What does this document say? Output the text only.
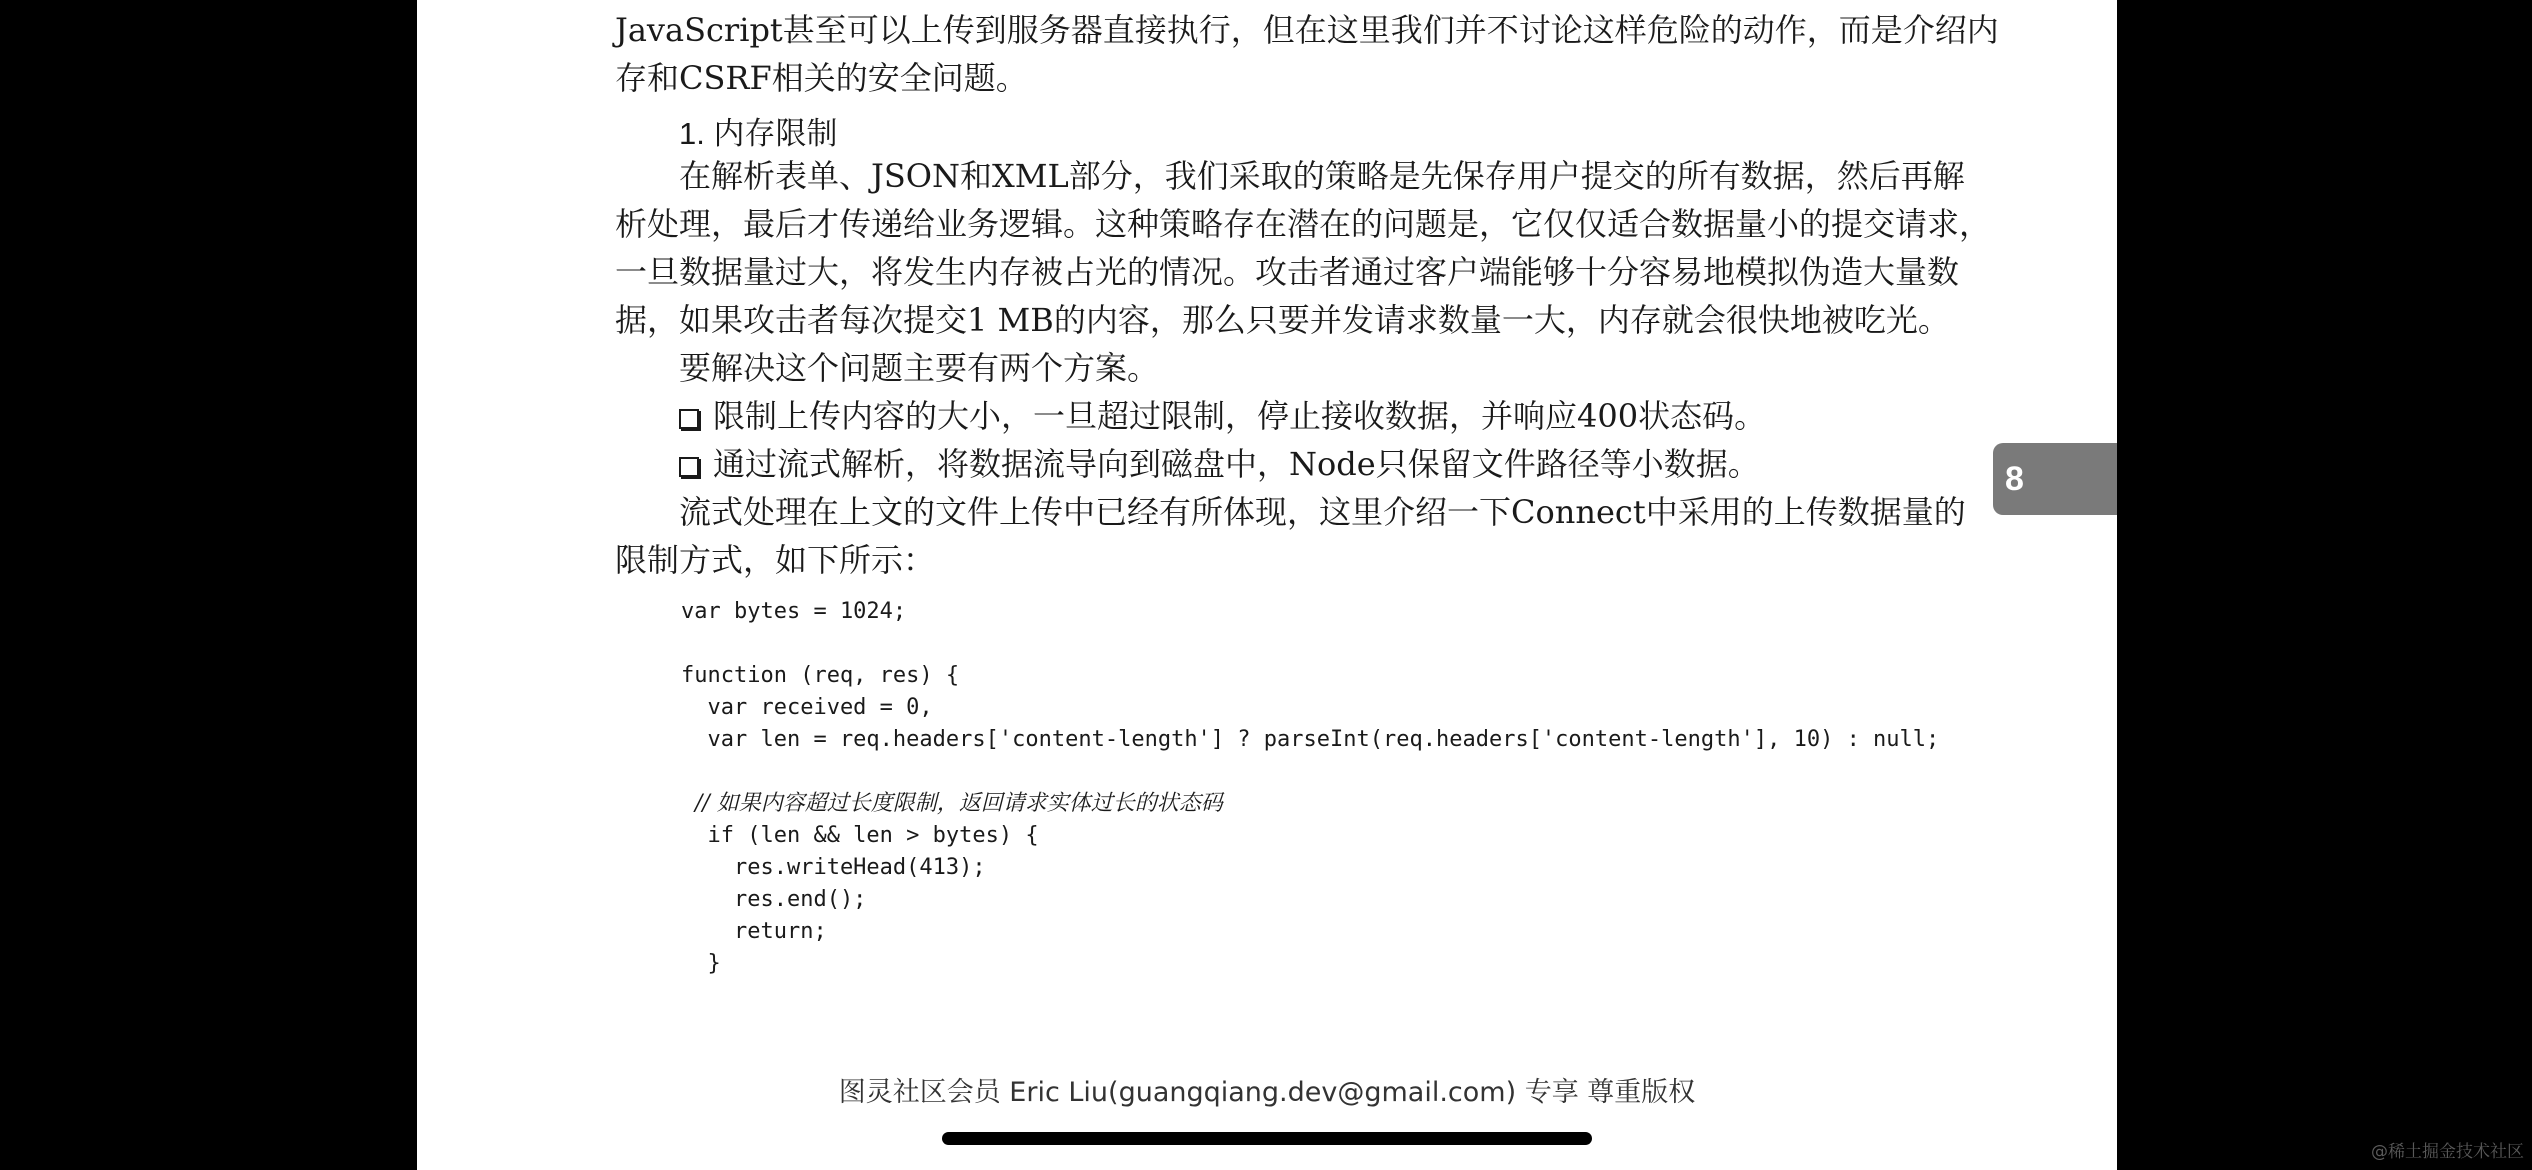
JavaScript甚至可以上传到服务器直接执行，但在这里我们并不讨论这样危险的动作，而是介绍内
存和CSRF相关的安全问题。
1. 内存限制
在解析表单、JSON和XML部分，我们采取的策略是先保存用户提交的所有数据，然后再解
析处理，最后才传递给业务逻辑。这种策略存在潜在的问题是，它仅仅适合数据量小的提交请求，
一旦数据量过大，将发生内存被占光的情况。攻击者通过客户端能够十分容易地模拟伪造大量数
据，如果攻击者每次提交1 MB的内容，那么只要并发请求数量一大，内存就会很快地被吃光。
要解决这个问题主要有两个方案。
限制上传内容的大小，一旦超过限制，停止接收数据，并响应400状态码。
通过流式解析，将数据流导向到磁盘中，Node只保留文件路径等小数据。
流式处理在上文的文件上传中已经有所体现，这里介绍一下Connect中采用的上传数据量的
限制方式，如下所示：
var bytes = 1024;
function (req, res) {
var received = 0,
var len = req.headers['content-length'] ? parseInt(req.headers['content-length'], 10) : null;
// 如果内容超过长度限制，返回请求实体过长的状态码
if (len && len > bytes) {
res.writeHead(413);
res.end();
return;
}
图灵社区会员 Eric Liu(guangqiang.dev@gmail.com) 专享 尊重版权
8
@稀土掘金技术社区
